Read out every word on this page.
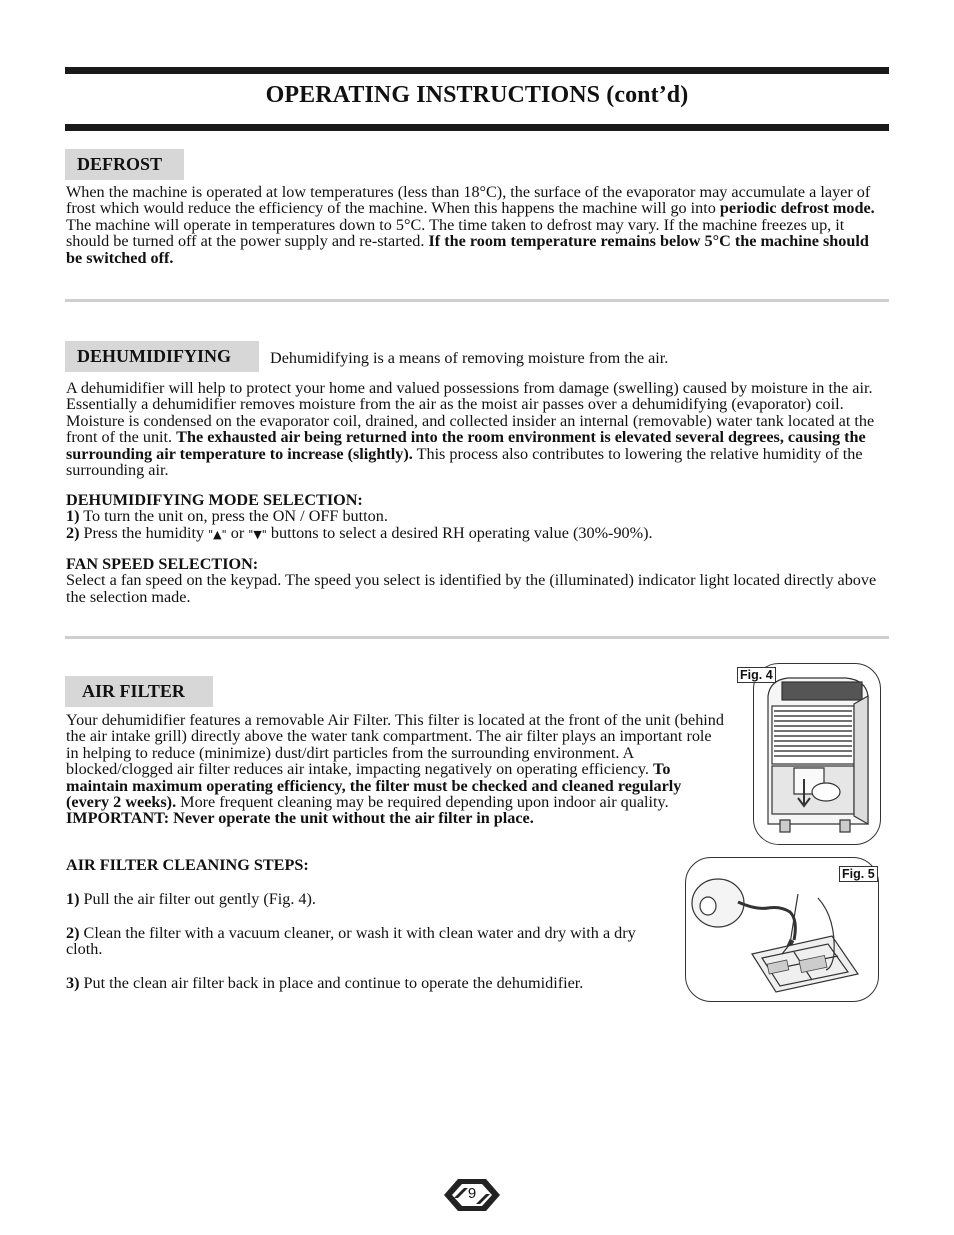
OPERATING INSTRUCTIONS (cont’d)
DEFROST
When the machine is operated at low temperatures (less than 18°C), the surface of the evaporator may accumulate a layer of frost which would reduce the efficiency of the machine. When this happens the machine will go into periodic defrost mode. The machine will operate in temperatures down to 5°C. The time taken to defrost may vary. If the machine freezes up, it should be turned off at the power supply and re-started. If the room temperature remains below 5°C the machine should be switched off.
DEHUMIDIFYING	Dehumidifying is a means of removing moisture from the air.
A dehumidifier will help to protect your home and valued possessions from damage (swelling) caused by moisture in the air. Essentially a dehumidifier removes moisture from the air as the moist air passes over a dehumidifying (evaporator) coil. Moisture is condensed on the evaporator coil, drained, and collected insider an internal (removable) water tank located at the front of the unit. The exhausted air being returned into the room environment is elevated several degrees, causing the surrounding air temperature to increase (slightly). This process also contributes to lowering the relative humidity of the surrounding air.
DEHUMIDIFYING MODE SELECTION:
1) To turn the unit on, press the ON / OFF button.
2) Press the humidity "▲" or "▼" buttons to select a desired RH operating value (30%-90%).
FAN SPEED SELECTION:
Select a fan speed on the keypad. The speed you select is identified by the (illuminated) indicator light located directly above the selection made.
AIR FILTER
Your dehumidifier features a removable Air Filter. This filter is located at the front of the unit (behind the air intake grill) directly above the water tank compartment. The air filter plays an important role in helping to reduce (minimize) dust/dirt particles from the surrounding environment. A blocked/clogged air filter reduces air intake, impacting negatively on operating efficiency. To maintain maximum operating efficiency, the filter must be checked and cleaned regularly (every 2 weeks). More frequent cleaning may be required depending upon indoor air quality.
IMPORTANT: Never operate the unit without the air filter in place.
AIR FILTER CLEANING STEPS:
1) Pull the air filter out gently (Fig. 4).
2) Clean the filter with a vacuum cleaner, or wash it with clean water and dry with a dry cloth.
3) Put the clean air filter back in place and continue to operate the dehumidifier.
Fig. 4
Fig. 5
9
